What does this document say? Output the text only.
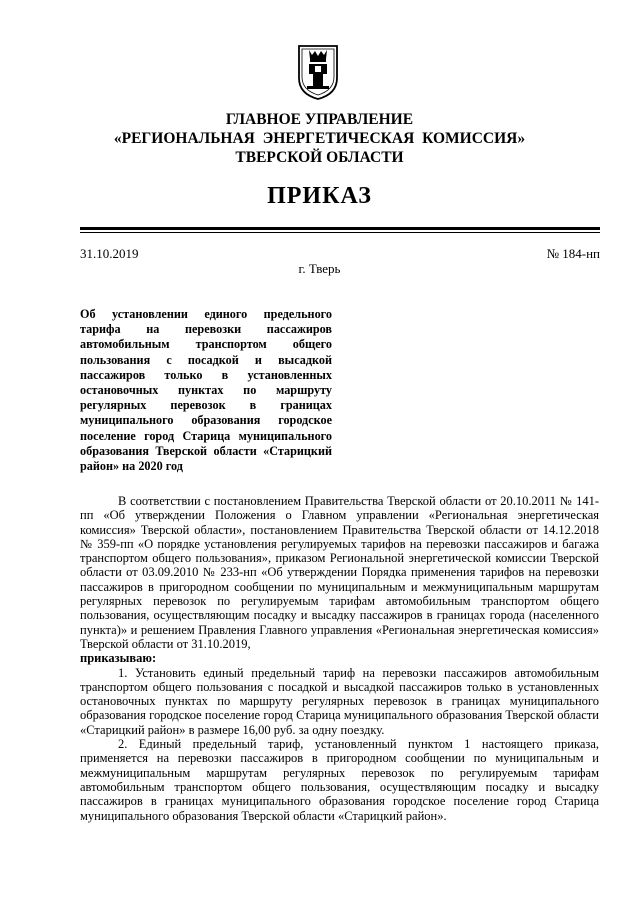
ГЛАВНОЕ УПРАВЛЕНИЕ

«РЕГИОНАЛЬНАЯ ЭНЕРГЕТИЧЕСКАЯ КОМИССИЯ»

ТВЕРСКОЙ ОБЛАСТИ

ПРИКАЗ
31.10.2019	№ 184-нп
г. Тверь

Об установлении единого предельного тарифа на перевозки пассажиров автомобильным транспортом общего пользования с посадкой и высадкой пассажиров только в установленных остановочных пунктах по маршруту регулярных перевозок в границах муниципального образования городское поселение город Старица муниципального образования Тверской области «Старицкий район» на 2020 год

В соответствии с постановлением Правительства Тверской области от 20.10.2011 № 141-пп «Об утверждении Положения о Главном управлении «Региональная энергетическая комиссия» Тверской области», постановлением Правительства Тверской области от 14.12.2018 № 359-пп «О порядке установления регулируемых тарифов на перевозки пассажиров и багажа транспортом общего пользования», приказом Региональной энергетической комиссии Тверской области от 03.09.2010 № 233-нп «Об утверждении Порядка применения тарифов на перевозки пассажиров в пригородном сообщении по муниципальным и межмуниципальным маршрутам регулярных перевозок по регулируемым тарифам автомобильным транспортом общего пользования, осуществляющим посадку и высадку пассажиров в границах города (населенного пункта)» и решением Правления Главного управления «Региональная энергетическая комиссия» Тверской области от 31.10.2019,

приказываю:

1. Установить единый предельный тариф на перевозки пассажиров автомобильным транспортом общего пользования с посадкой и высадкой пассажиров только в установленных остановочных пунктах по маршруту регулярных перевозок в границах муниципального образования городское поселение город Старица муниципального образования Тверской области «Старицкий район» в размере 16,00 руб. за одну поездку.

2. Единый предельный тариф, установленный пунктом 1 настоящего приказа, применяется на перевозки пассажиров в пригородном сообщении по муниципальным и межмуниципальным маршрутам регулярных перевозок по регулируемым тарифам автомобильным транспортом общего пользования, осуществляющим посадку и высадку пассажиров в границах муниципального образования городское поселение город Старица муниципального образования Тверской области «Старицкий район».
